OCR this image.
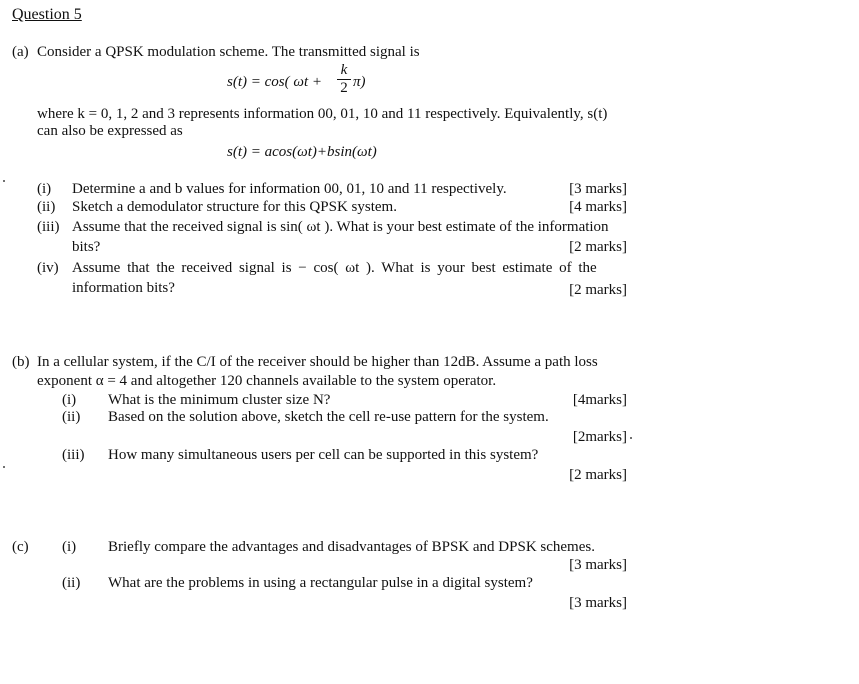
Question 5
(a) Consider a QPSK modulation scheme. The transmitted signal is
s(t) = cos( ωt +
k
2 π)
where k = 0, 1, 2 and 3 represents information 00, 01, 10 and 11 respectively. Equivalently, s(t)
can also be expressed as
s(t) = acos(ωt)+bsin(ωt)
(i) Determine a and b values for information 00, 01, 10 and 11 respectively.	[3 marks]
(ii) Sketch a demodulator structure for this QPSK system.	[4 marks]
(iii) Assume that the received signal is sin( ωt ). What is your best estimate of the information
bits?	[2 marks]
(iv) Assume that the received signal is − cos( ωt ). What is your best estimate of the
information bits?	[2 marks]
(b) In a cellular system, if the C/I of the receiver should be higher than 12dB. Assume a path loss
exponent α = 4 and altogether 120 channels available to the system operator.
(i) What is the minimum cluster size N?	[4marks]
(ii) Based on the solution above, sketch the cell re-use pattern for the system.
[2marks]
(iii) How many simultaneous users per cell can be supported in this system?
[2 marks]
(c) (i) Briefly compare the advantages and disadvantages of BPSK and DPSK schemes.
[3 marks]
(ii) What are the problems in using a rectangular pulse in a digital system?
[3 marks]
